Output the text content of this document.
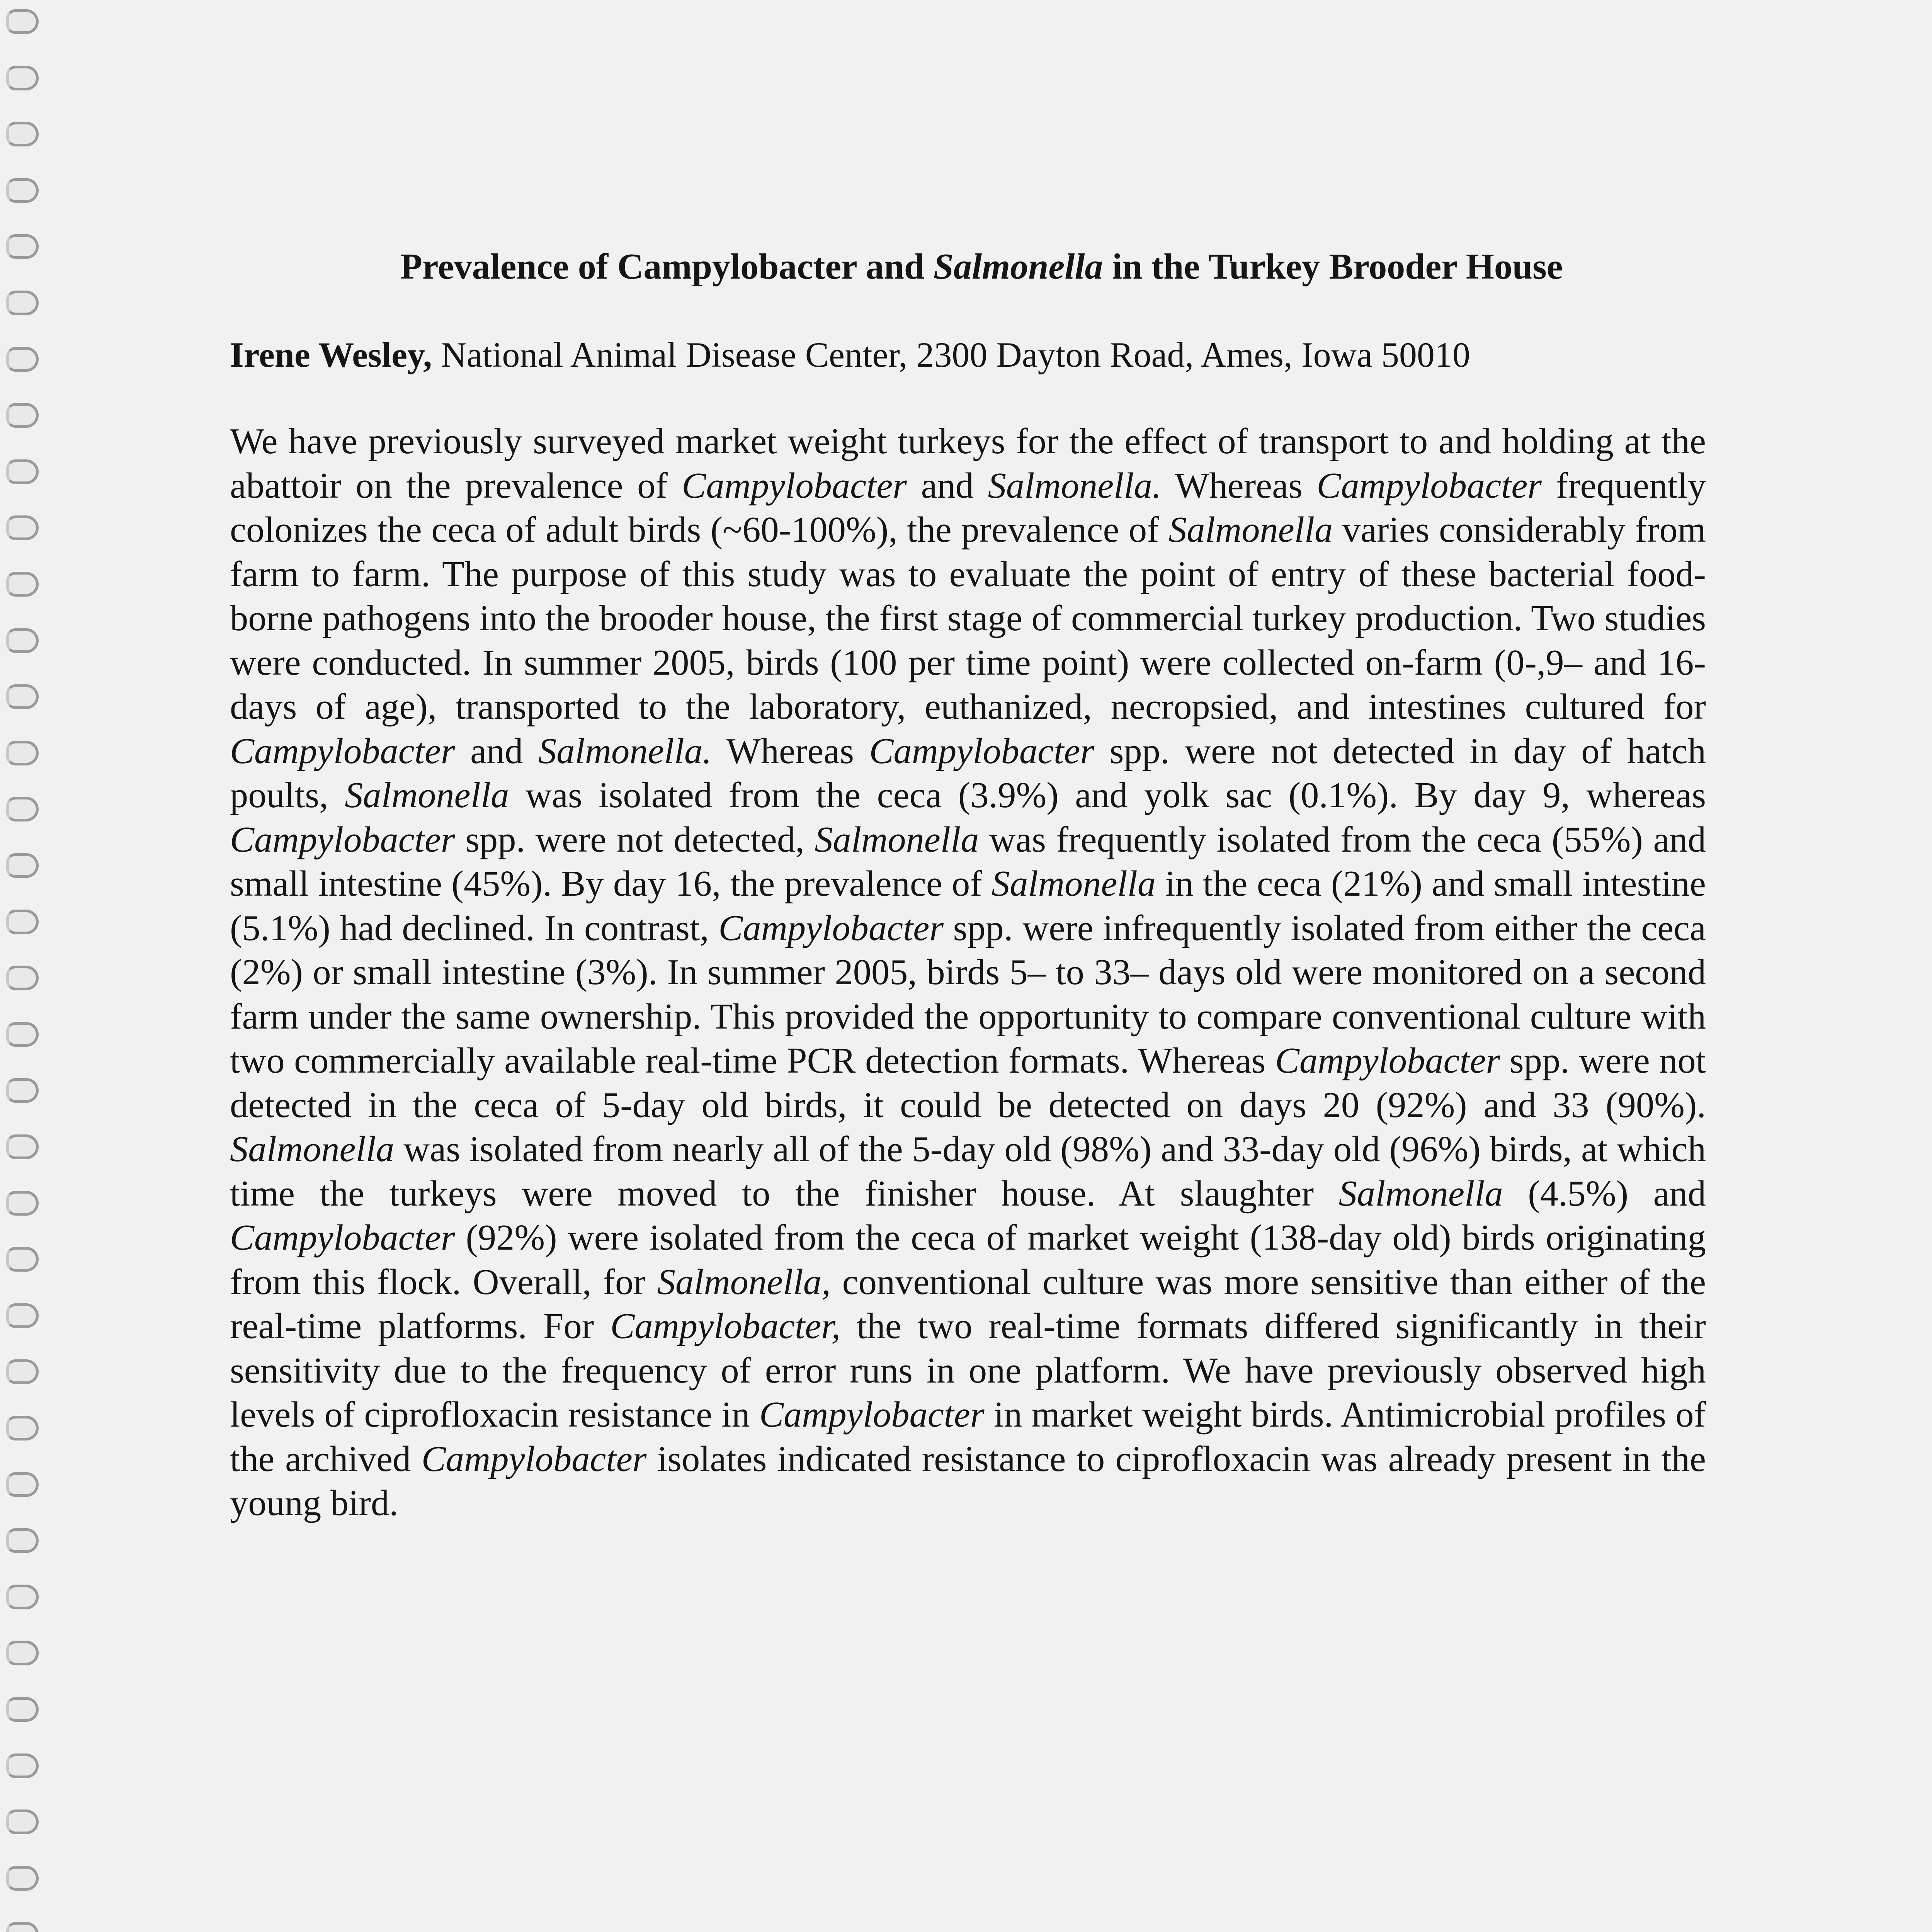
Prevalence of Campylobacter and Salmonella in the Turkey Brooder House
Irene Wesley, National Animal Disease Center, 2300 Dayton Road, Ames, Iowa 50010
We have previously surveyed market weight turkeys for the effect of transport to and holding at the abattoir on the prevalence of Campylobacter and Salmonella. Whereas Campylobacter frequently colonizes the ceca of adult birds (~60-100%), the prevalence of Salmonella varies considerably from farm to farm. The purpose of this study was to evaluate the point of entry of these bacterial food-borne pathogens into the brooder house, the first stage of commercial turkey production. Two studies were conducted. In summer 2005, birds (100 per time point) were collected on-farm (0-,9– and 16-days of age), transported to the laboratory, euthanized, necropsied, and intestines cultured for Campylobacter and Salmonella. Whereas Campylobacter spp. were not detected in day of hatch poults, Salmonella was isolated from the ceca (3.9%) and yolk sac (0.1%). By day 9, whereas Campylobacter spp. were not detected, Salmonella was frequently isolated from the ceca (55%) and small intestine (45%). By day 16, the prevalence of Salmonella in the ceca (21%) and small intestine (5.1%) had declined. In contrast, Campylobacter spp. were infrequently isolated from either the ceca (2%) or small intestine (3%). In summer 2005, birds 5– to 33– days old were monitored on a second farm under the same ownership. This provided the opportunity to compare conventional culture with two commercially available real-time PCR detection formats. Whereas Campylobacter spp. were not detected in the ceca of 5-day old birds, it could be detected on days 20 (92%) and 33 (90%). Salmonella was isolated from nearly all of the 5-day old (98%) and 33-day old (96%) birds, at which time the turkeys were moved to the finisher house. At slaughter Salmonella (4.5%) and Campylobacter (92%) were isolated from the ceca of market weight (138-day old) birds originating from this flock. Overall, for Salmonella, conventional culture was more sensitive than either of the real-time platforms. For Campylobacter, the two real-time formats differed significantly in their sensitivity due to the frequency of error runs in one platform. We have previously observed high levels of ciprofloxacin resistance in Campylobacter in market weight birds. Antimicrobial profiles of the archived Campylobacter isolates indicated resistance to ciprofloxacin was already present in the young bird.
